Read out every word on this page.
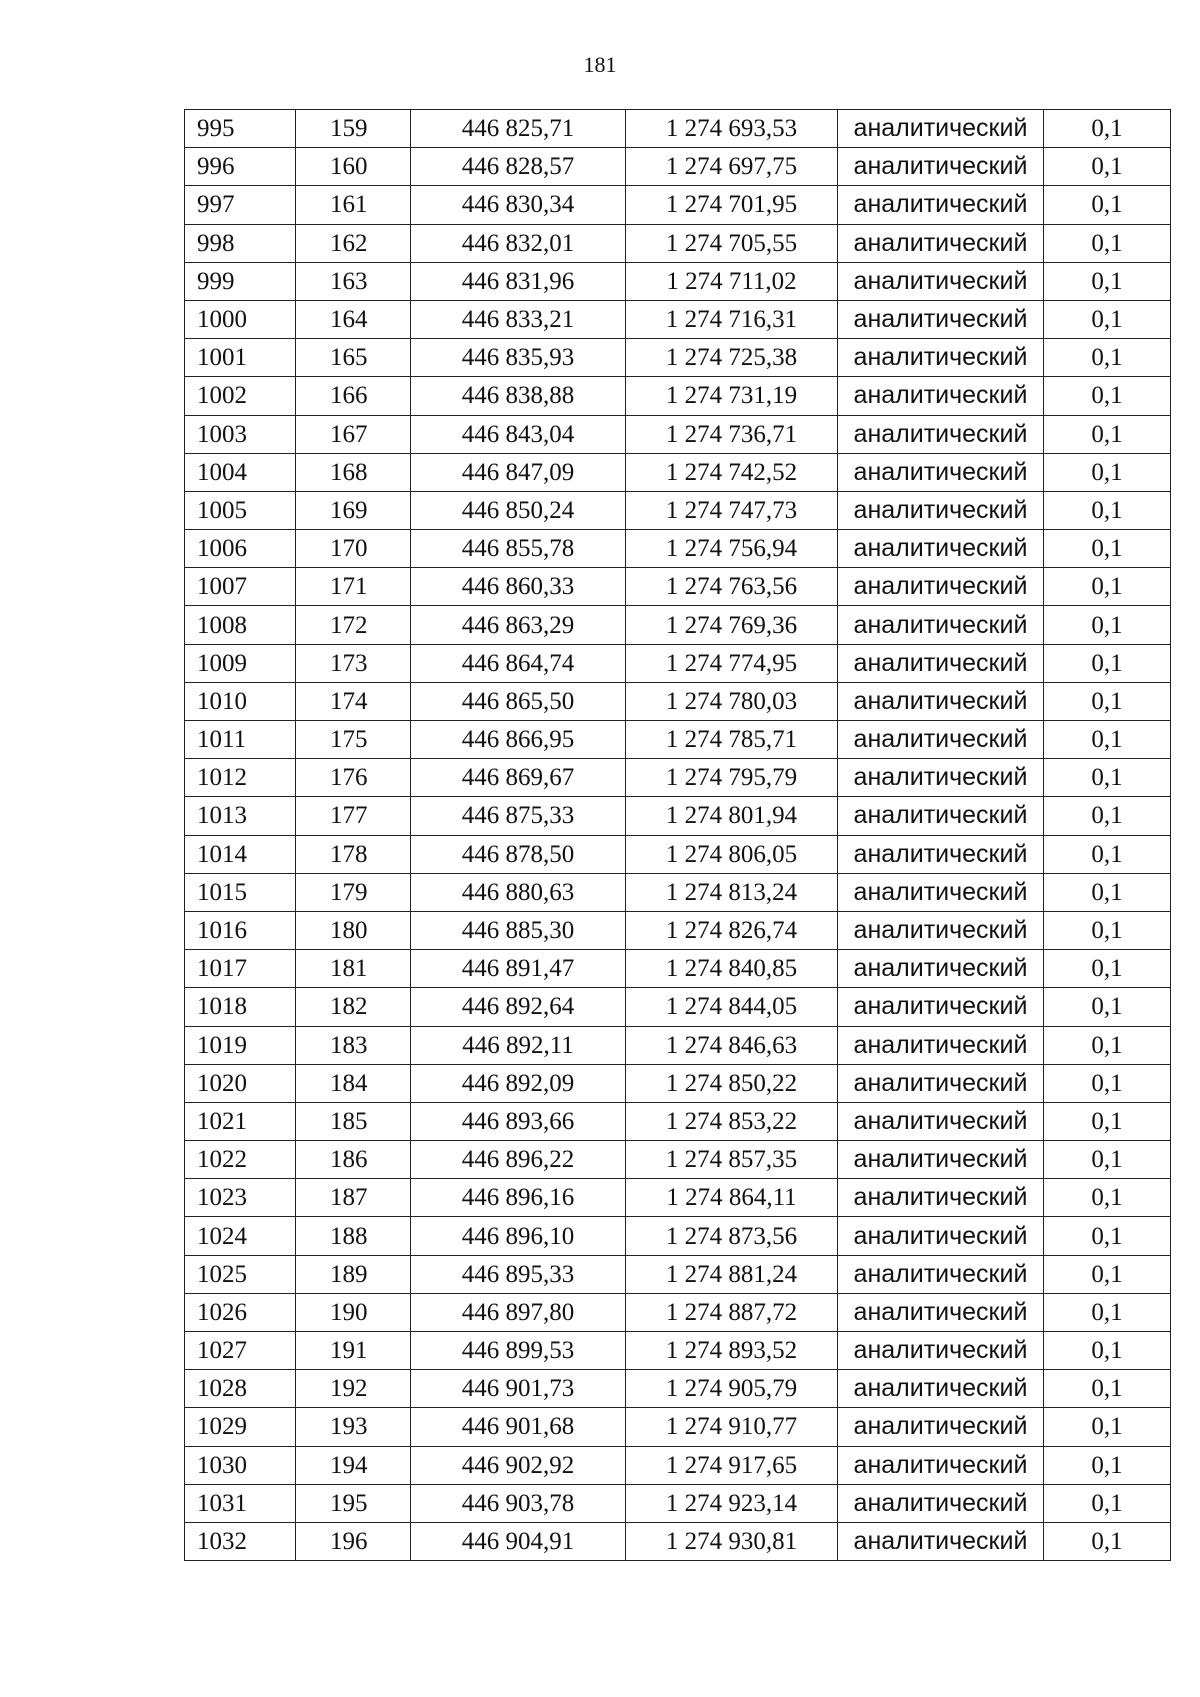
181
995	159	446 825,71	1 274 693,53	аналитический	0,1
996	160	446 828,57	1 274 697,75	аналитический	0,1
997	161	446 830,34	1 274 701,95	аналитический	0,1
998	162	446 832,01	1 274 705,55	аналитический	0,1
999	163	446 831,96	1 274 711,02	аналитический	0,1
1000	164	446 833,21	1 274 716,31	аналитический	0,1
1001	165	446 835,93	1 274 725,38	аналитический	0,1
1002	166	446 838,88	1 274 731,19	аналитический	0,1
1003	167	446 843,04	1 274 736,71	аналитический	0,1
1004	168	446 847,09	1 274 742,52	аналитический	0,1
1005	169	446 850,24	1 274 747,73	аналитический	0,1
1006	170	446 855,78	1 274 756,94	аналитический	0,1
1007	171	446 860,33	1 274 763,56	аналитический	0,1
1008	172	446 863,29	1 274 769,36	аналитический	0,1
1009	173	446 864,74	1 274 774,95	аналитический	0,1
1010	174	446 865,50	1 274 780,03	аналитический	0,1
1011	175	446 866,95	1 274 785,71	аналитический	0,1
1012	176	446 869,67	1 274 795,79	аналитический	0,1
1013	177	446 875,33	1 274 801,94	аналитический	0,1
1014	178	446 878,50	1 274 806,05	аналитический	0,1
1015	179	446 880,63	1 274 813,24	аналитический	0,1
1016	180	446 885,30	1 274 826,74	аналитический	0,1
1017	181	446 891,47	1 274 840,85	аналитический	0,1
1018	182	446 892,64	1 274 844,05	аналитический	0,1
1019	183	446 892,11	1 274 846,63	аналитический	0,1
1020	184	446 892,09	1 274 850,22	аналитический	0,1
1021	185	446 893,66	1 274 853,22	аналитический	0,1
1022	186	446 896,22	1 274 857,35	аналитический	0,1
1023	187	446 896,16	1 274 864,11	аналитический	0,1
1024	188	446 896,10	1 274 873,56	аналитический	0,1
1025	189	446 895,33	1 274 881,24	аналитический	0,1
1026	190	446 897,80	1 274 887,72	аналитический	0,1
1027	191	446 899,53	1 274 893,52	аналитический	0,1
1028	192	446 901,73	1 274 905,79	аналитический	0,1
1029	193	446 901,68	1 274 910,77	аналитический	0,1
1030	194	446 902,92	1 274 917,65	аналитический	0,1
1031	195	446 903,78	1 274 923,14	аналитический	0,1
1032	196	446 904,91	1 274 930,81	аналитический	0,1
